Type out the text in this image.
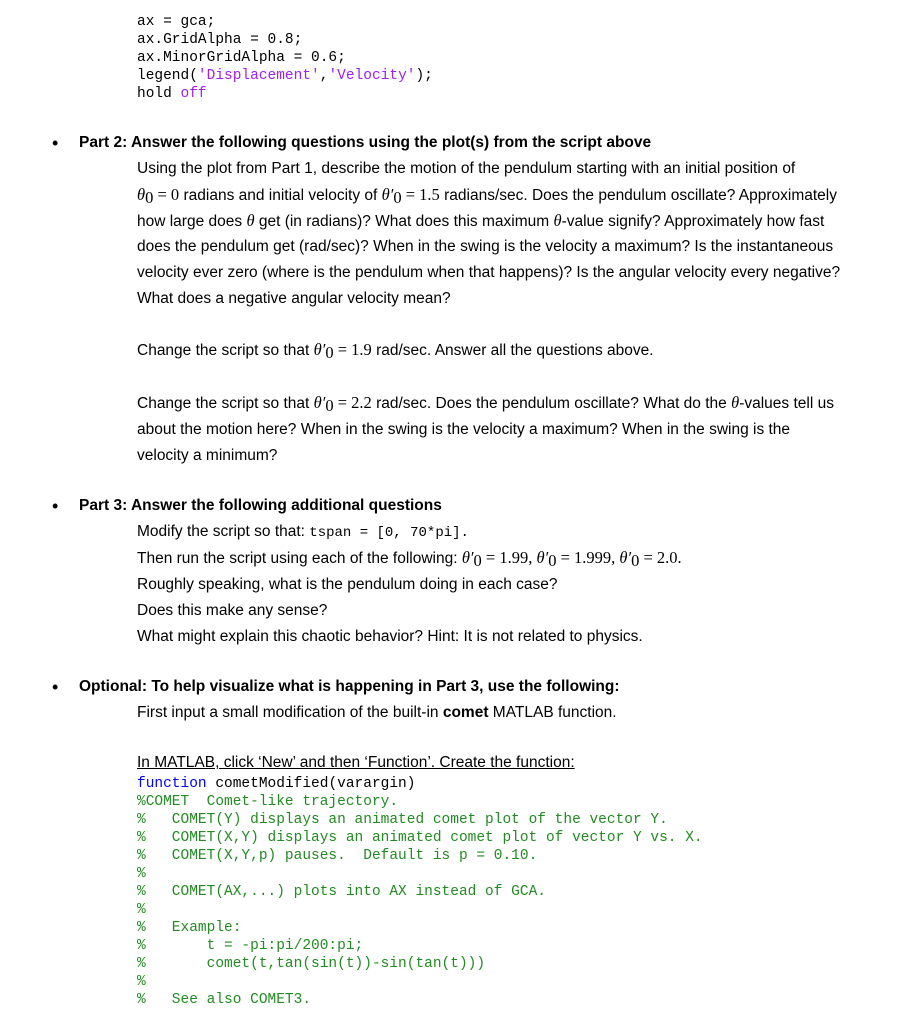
ax = gca;
ax.GridAlpha = 0.8;
ax.MinorGridAlpha = 0.6;
legend('Displacement','Velocity');
hold off
• Part 2: Answer the following questions using the plot(s) from the script above
Using the plot from Part 1, describe the motion of the pendulum starting with an initial position of
$\theta_0 = 0$ radians and initial velocity of $\theta'_0 = 1.5$ radians/sec. Does the pendulum oscillate? Approximately
how large does θ get (in radians)? What does this maximum θ-value signify? Approximately how fast
does the pendulum get (rad/sec)? When in the swing is the velocity a maximum? Is the instantaneous
velocity ever zero (where is the pendulum when that happens)? Is the angular velocity every negative?
What does a negative angular velocity mean?
Change the script so that $\theta'_0 = 1.9$ rad/sec. Answer all the questions above.
Change the script so that $\theta'_0 = 2.2$ rad/sec. Does the pendulum oscillate? What do the θ-values tell us
about the motion here? When in the swing is the velocity a maximum? When in the swing is the
velocity a minimum?
• Part 3: Answer the following additional questions
Modify the script so that: tspan = [0, 70*pi].
Then run the script using each of the following: $\theta'_0 = 1.99$, $\theta'_0 = 1.999$, $\theta'_0 = 2.0$.
Roughly speaking, what is the pendulum doing in each case?
Does this make any sense?
What might explain this chaotic behavior? Hint: It is not related to physics.
• Optional: To help visualize what is happening in Part 3, use the following:
First input a small modification of the built-in comet MATLAB function.
In MATLAB, click ‘New’ and then ‘Function’. Create the function:
function cometModified(varargin)
%COMET  Comet-like trajectory.
%   COMET(Y) displays an animated comet plot of the vector Y.
%   COMET(X,Y) displays an animated comet plot of vector Y vs. X.
%   COMET(X,Y,p) pauses.  Default is p = 0.10.
%
%   COMET(AX,...) plots into AX instead of GCA.
%
%   Example:
%       t = -pi:pi/200:pi;
%       comet(t,tan(sin(t))-sin(tan(t)))
%
%   See also COMET3.
